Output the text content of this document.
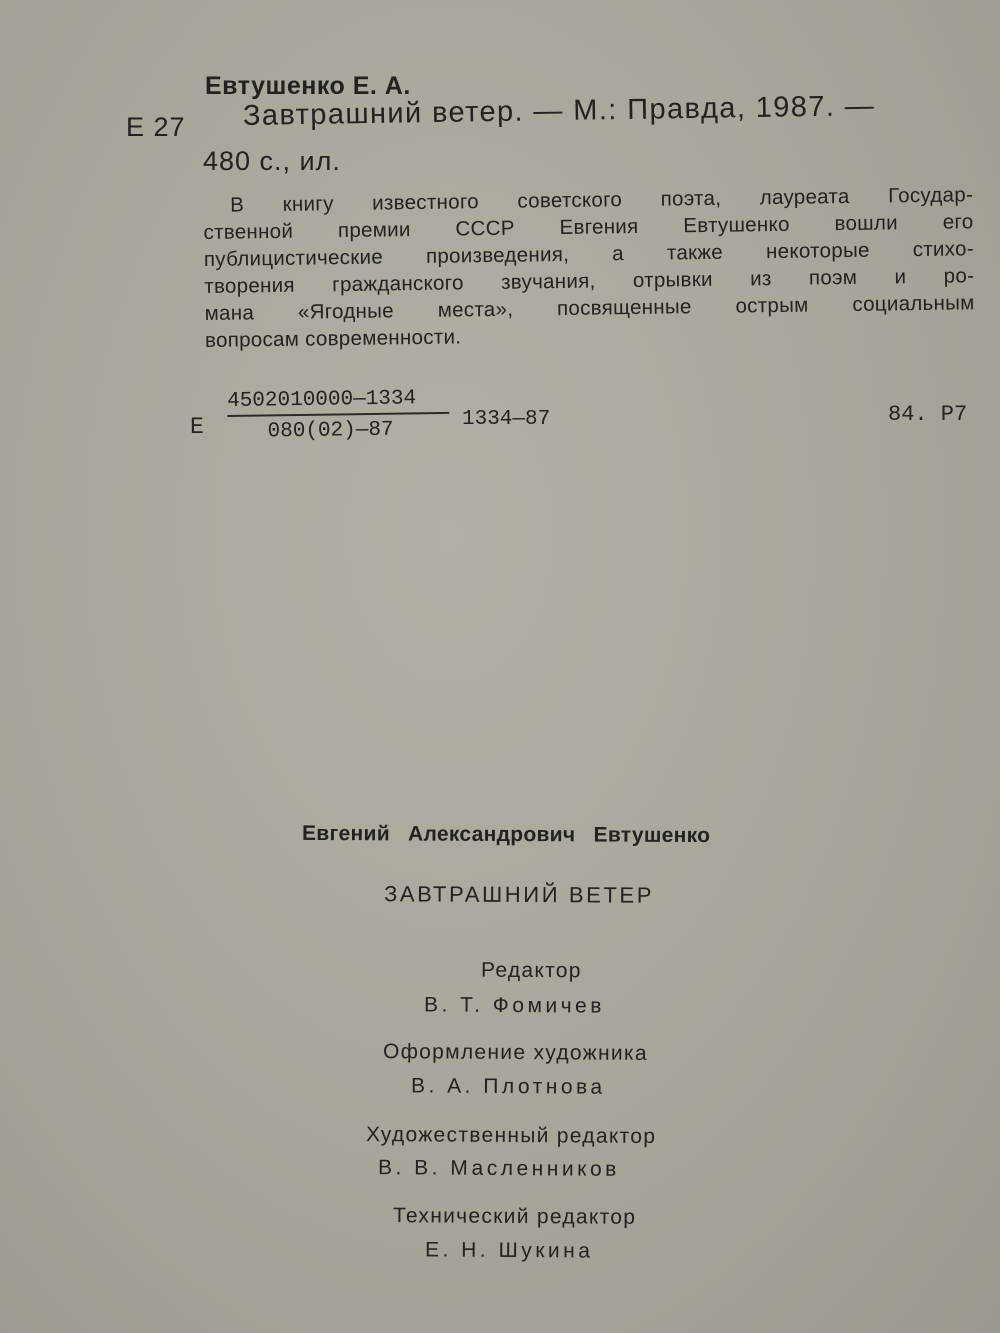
Евтушенко Е. А.
Е 27 Завтрашний ветер. — М.: Правда, 1987. —
480 с., ил.
В книгу известного советского поэта, лауреата Государ-
ственной премии СССР Евгения Евтушенко вошли его
публицистические произведения, а также некоторые стихо-
творения гражданского звучания, отрывки из поэм и ро-
мана «Ягодные места», посвященные острым социальным
вопросам современности.
Е
4502010000—1334
080(02)—87	1334—87	84. Р7
Евгений Александрович Евтушенко
ЗАВТРАШНИЙ ВЕТЕР
Редактор
В. Т. Фомичев
Оформление художника
В. А. Плотнова
Художественный редактор
В. В. Масленников
Технический редактор
Е. Н. Шукина
